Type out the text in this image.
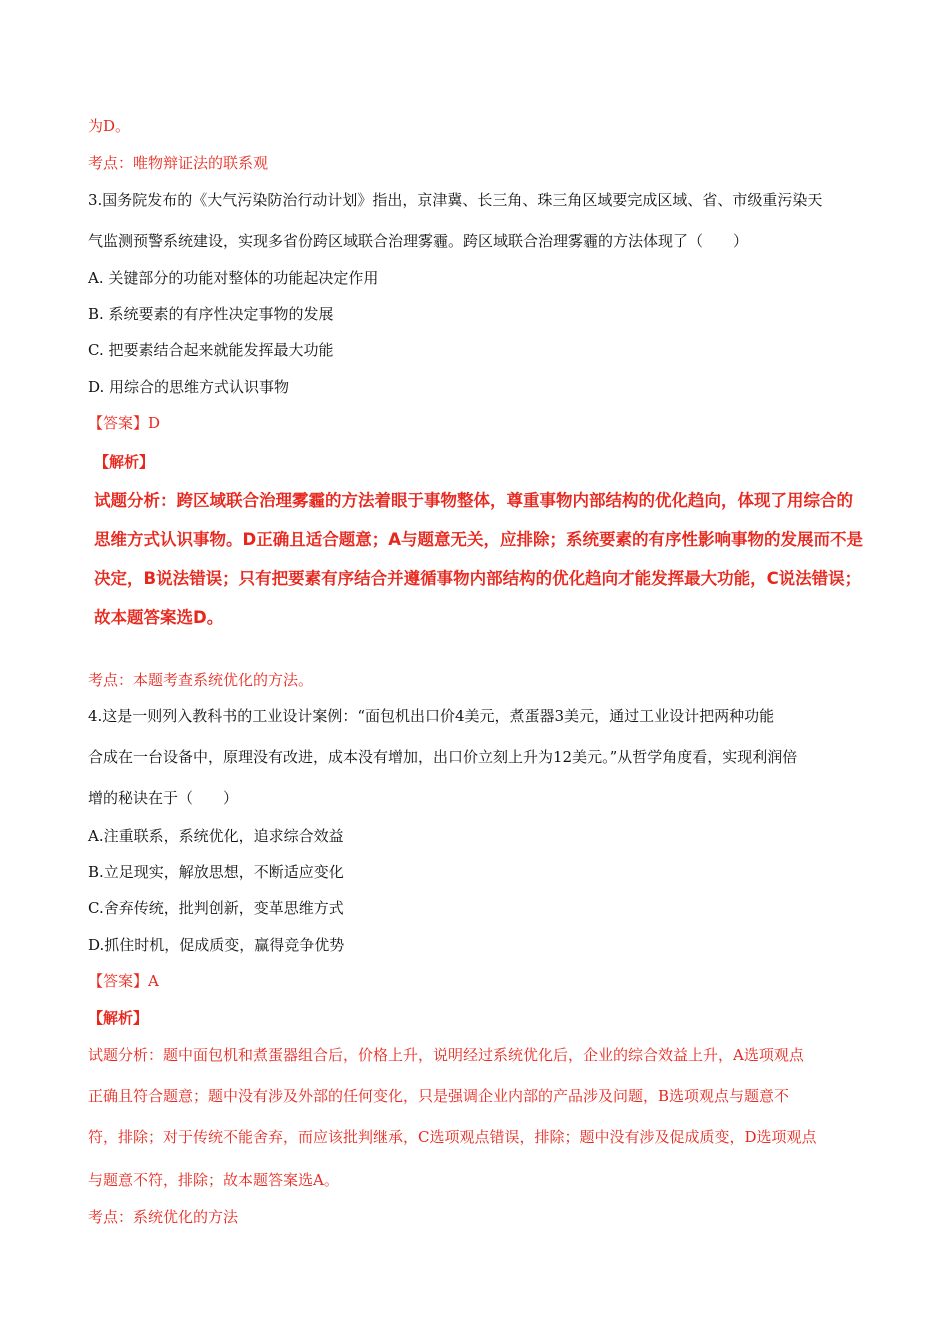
为D。
考点：唯物辩证法的联系观
3.国务院发布的《大气污染防治行动计划》指出，京津冀、长三角、珠三角区域要完成区域、省、市级重污染天
气监测预警系统建设，实现多省份跨区域联合治理雾霾。跨区域联合治理雾霾的方法体现了（　　）
A. 关键部分的功能对整体的功能起决定作用
B. 系统要素的有序性决定事物的发展
C. 把要素结合起来就能发挥最大功能
D. 用综合的思维方式认识事物
【答案】D
【解析】
试题分析：跨区域联合治理雾霾的方法着眼于事物整体，尊重事物内部结构的优化趋向，体现了用综合的
思维方式认识事物。D正确且适合题意；A与题意无关，应排除；系统要素的有序性影响事物的发展而不是
决定，B说法错误；只有把要素有序结合并遵循事物内部结构的优化趋向才能发挥最大功能，C说法错误；
故本题答案选D。
考点：本题考查系统优化的方法。
4.这是一则列入教科书的工业设计案例：“面包机出口价4美元，煮蛋器3美元，通过工业设计把两种功能
合成在一台设备中，原理没有改进，成本没有增加，出口价立刻上升为12美元。”从哲学角度看，实现利润倍
增的秘诀在于（　　）
A.注重联系，系统优化，追求综合效益
B.立足现实，解放思想，不断适应变化
C.舍弃传统，批判创新，变革思维方式
D.抓住时机，促成质变，赢得竞争优势
【答案】A
【解析】
试题分析：题中面包机和煮蛋器组合后，价格上升，说明经过系统优化后，企业的综合效益上升，A选项观点
正确且符合题意；题中没有涉及外部的任何变化，只是强调企业内部的产品涉及问题，B选项观点与题意不
符，排除；对于传统不能舍弃，而应该批判继承，C选项观点错误，排除；题中没有涉及促成质变，D选项观点
与题意不符，排除；故本题答案选A。
考点：系统优化的方法
